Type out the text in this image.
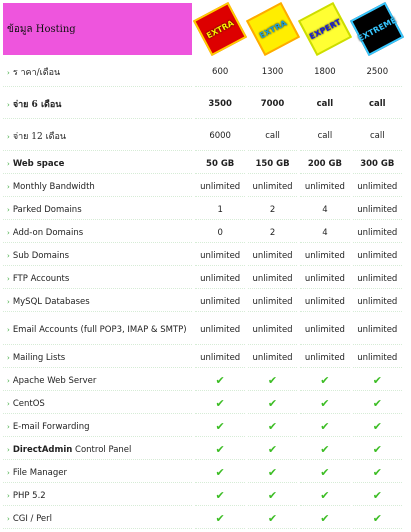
ข้อมูล Hosting	EXTRA	EXTRA	EXPERT	EXTREME

› ร าคา/เดือน	600	1300	1800	2500
› จ่าย 6 เดือน	3500	7000	call	call
› จ่าย 12 เดือน	6000	call	call	call
› Web space	50 GB	150 GB	200 GB	300 GB
› Monthly Bandwidth	unlimited	unlimited	unlimited	unlimited
› Parked Domains	1	2	4	unlimited
› Add-on Domains	0	2	4	unlimited
› Sub Domains	unlimited	unlimited	unlimited	unlimited
› FTP Accounts	unlimited	unlimited	unlimited	unlimited
› MySQL Databases	unlimited	unlimited	unlimited	unlimited
› Email Accounts (full POP3, IMAP & SMTP)	unlimited	unlimited	unlimited	unlimited
› Mailing Lists	unlimited	unlimited	unlimited	unlimited
› Apache Web Server	✔	✔	✔	✔
› CentOS	✔	✔	✔	✔
› E-mail Forwarding	✔	✔	✔	✔
› DirectAdmin Control Panel	✔	✔	✔	✔
› File Manager	✔	✔	✔	✔
› PHP 5.2	✔	✔	✔	✔
› CGI / Perl	✔	✔	✔	✔
